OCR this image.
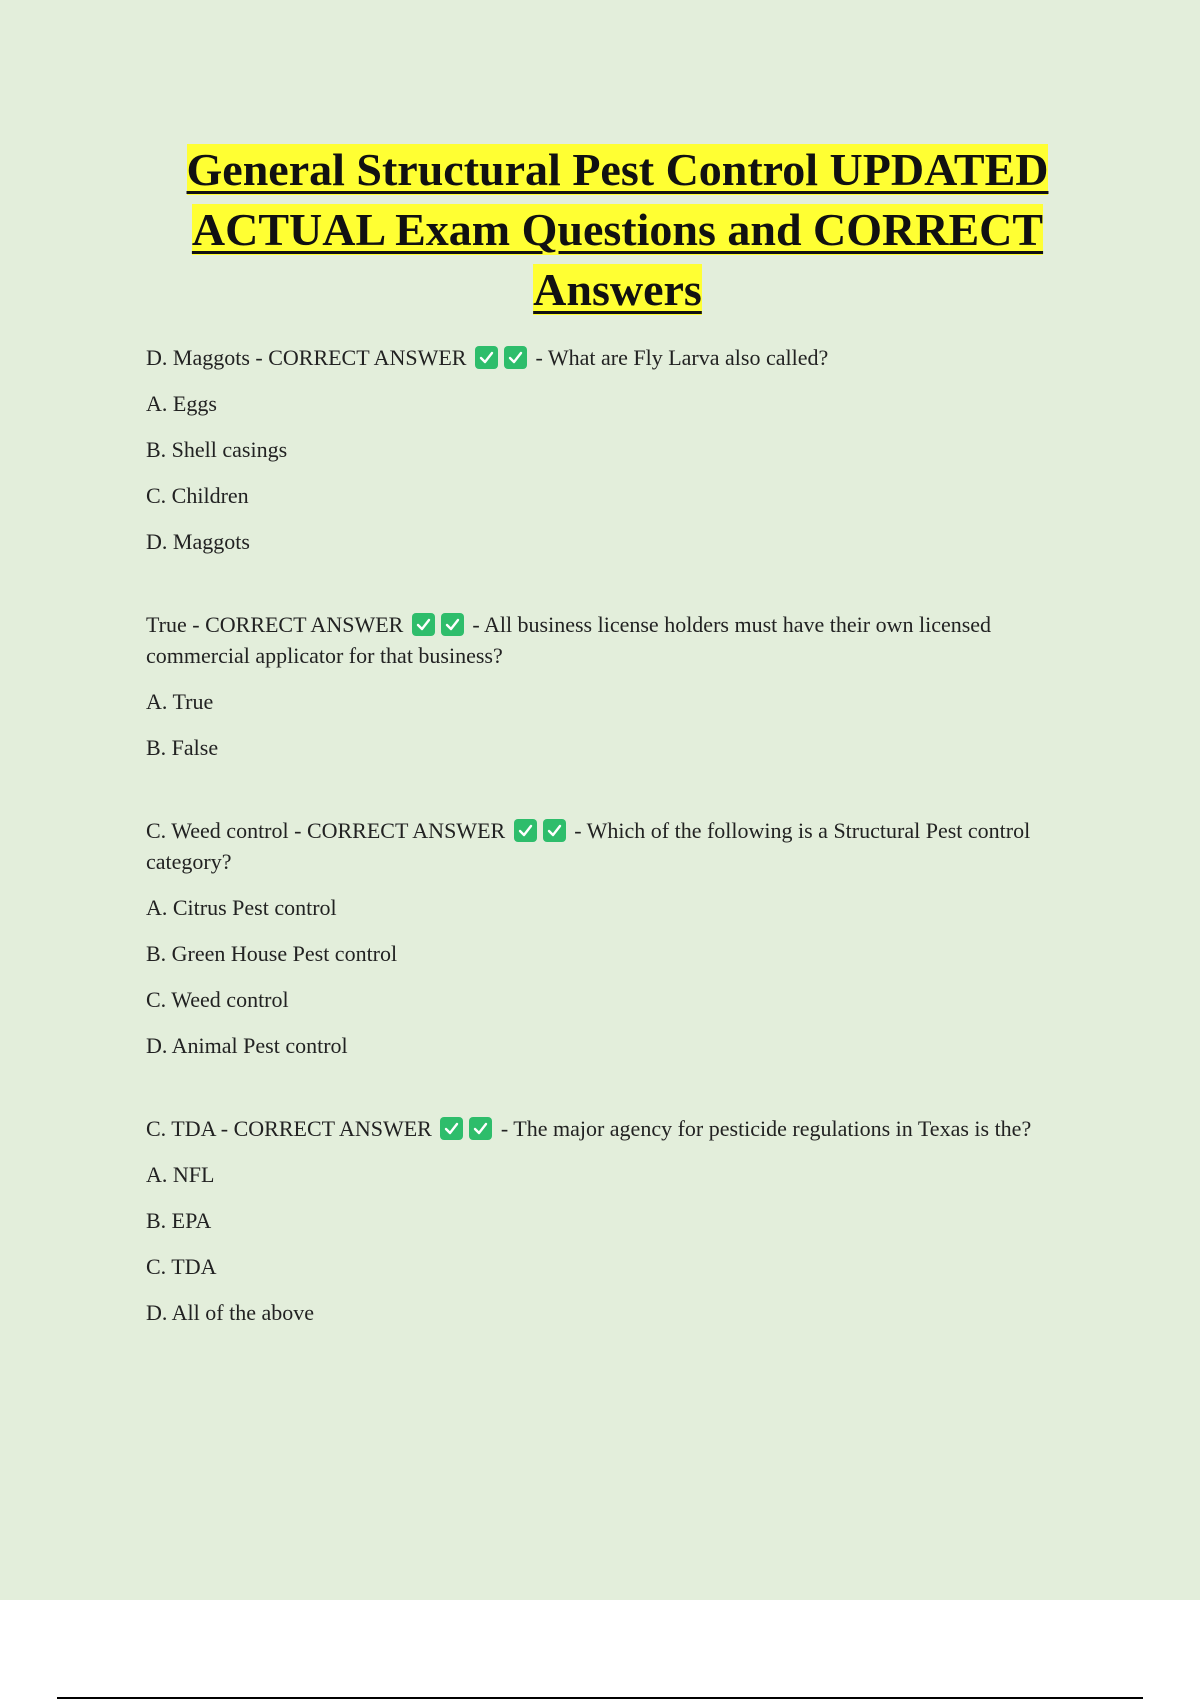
General Structural Pest Control UPDATED
ACTUAL Exam Questions and CORRECT
Answers

D. Maggots - CORRECT ANSWER	- What are Fly Larva also called?

A. Eggs

B. Shell casings

C. Children

D. Maggots

True - CORRECT ANSWER	- All business license holders must have their own licensed commercial applicator for that business?

A. True

B. False

C. Weed control - CORRECT ANSWER	- Which of the following is a Structural Pest control category?

A. Citrus Pest control

B. Green House Pest control

C. Weed control

D. Animal Pest control

C. TDA - CORRECT ANSWER	- The major agency for pesticide regulations in Texas is the?

A. NFL

B. EPA

C. TDA

D. All of the above
